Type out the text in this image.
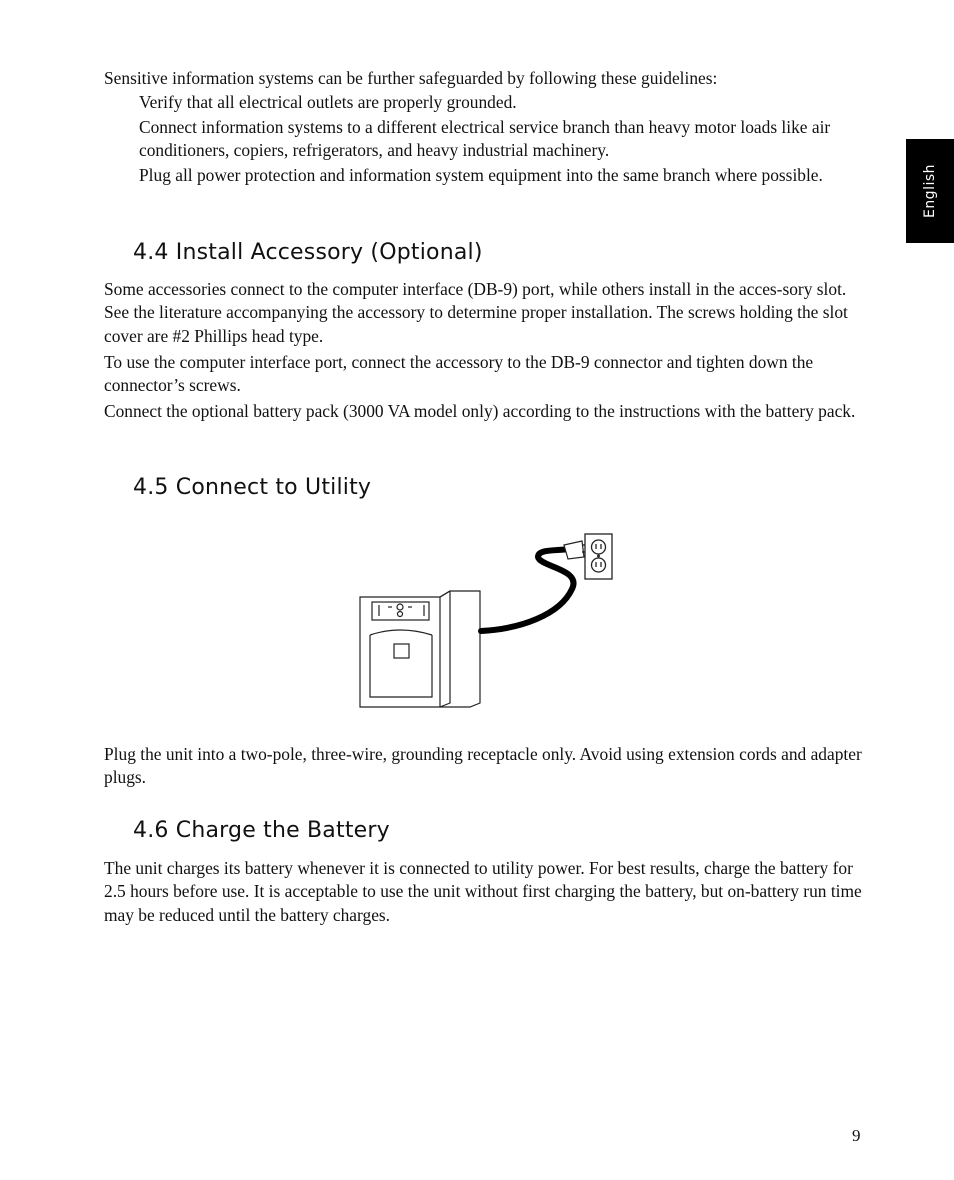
English

Sensitive information systems can be further safeguarded by following these guidelines:

Verify that all electrical outlets are properly grounded.

Connect information systems to a different electrical service branch than heavy motor loads like air conditioners, copiers, refrigerators, and heavy industrial machinery.

Plug all power protection and information system equipment into the same branch where possible.

4.4 Install Accessory (Optional)

Some accessories connect to the computer interface (DB-9) port, while others install in the acces-sory slot. See the literature accompanying the accessory to determine proper installation. The screws holding the slot cover are #2 Phillips head type.

To use the computer interface port, connect the accessory to the DB-9 connector and tighten down the connector’s screws.

Connect the optional battery pack (3000 VA model only) according to the instructions with the battery pack.

4.5 Connect to Utility

Plug the unit into a two-pole, three-wire, grounding receptacle only. Avoid using extension cords and adapter plugs.

4.6 Charge the Battery

The unit charges its battery whenever it is connected to utility power. For best results, charge the battery for 2.5 hours before use. It is acceptable to use the unit without first charging the battery, but on-battery run time may be reduced until the battery charges.

9
